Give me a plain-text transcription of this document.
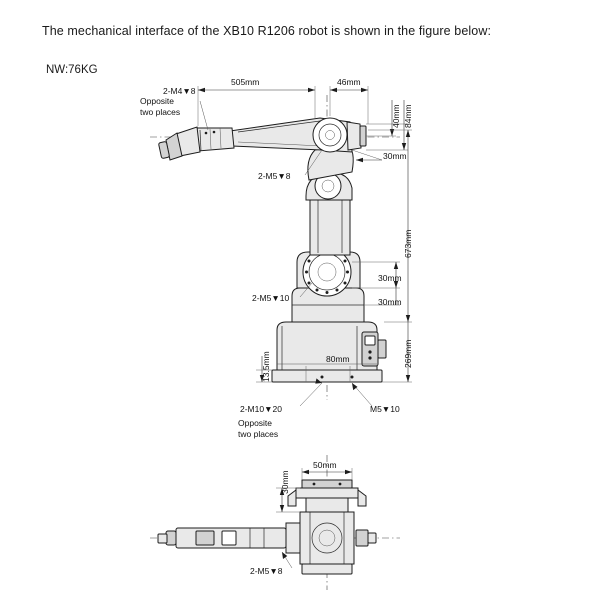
The mechanical interface of the XB10 R1206 robot is shown in the figure below:
NW:76KG
505mm	46mm
84mm
40mm
30mm
673mm
30mm
30mm
269mm
13.5mm	80mm
2-M4▼8
Opposite
two places
2-M5▼8
2-M5▼10
2-M10▼20
Opposite
two places
M5▼10
30mm
50mm
2-M5▼8
